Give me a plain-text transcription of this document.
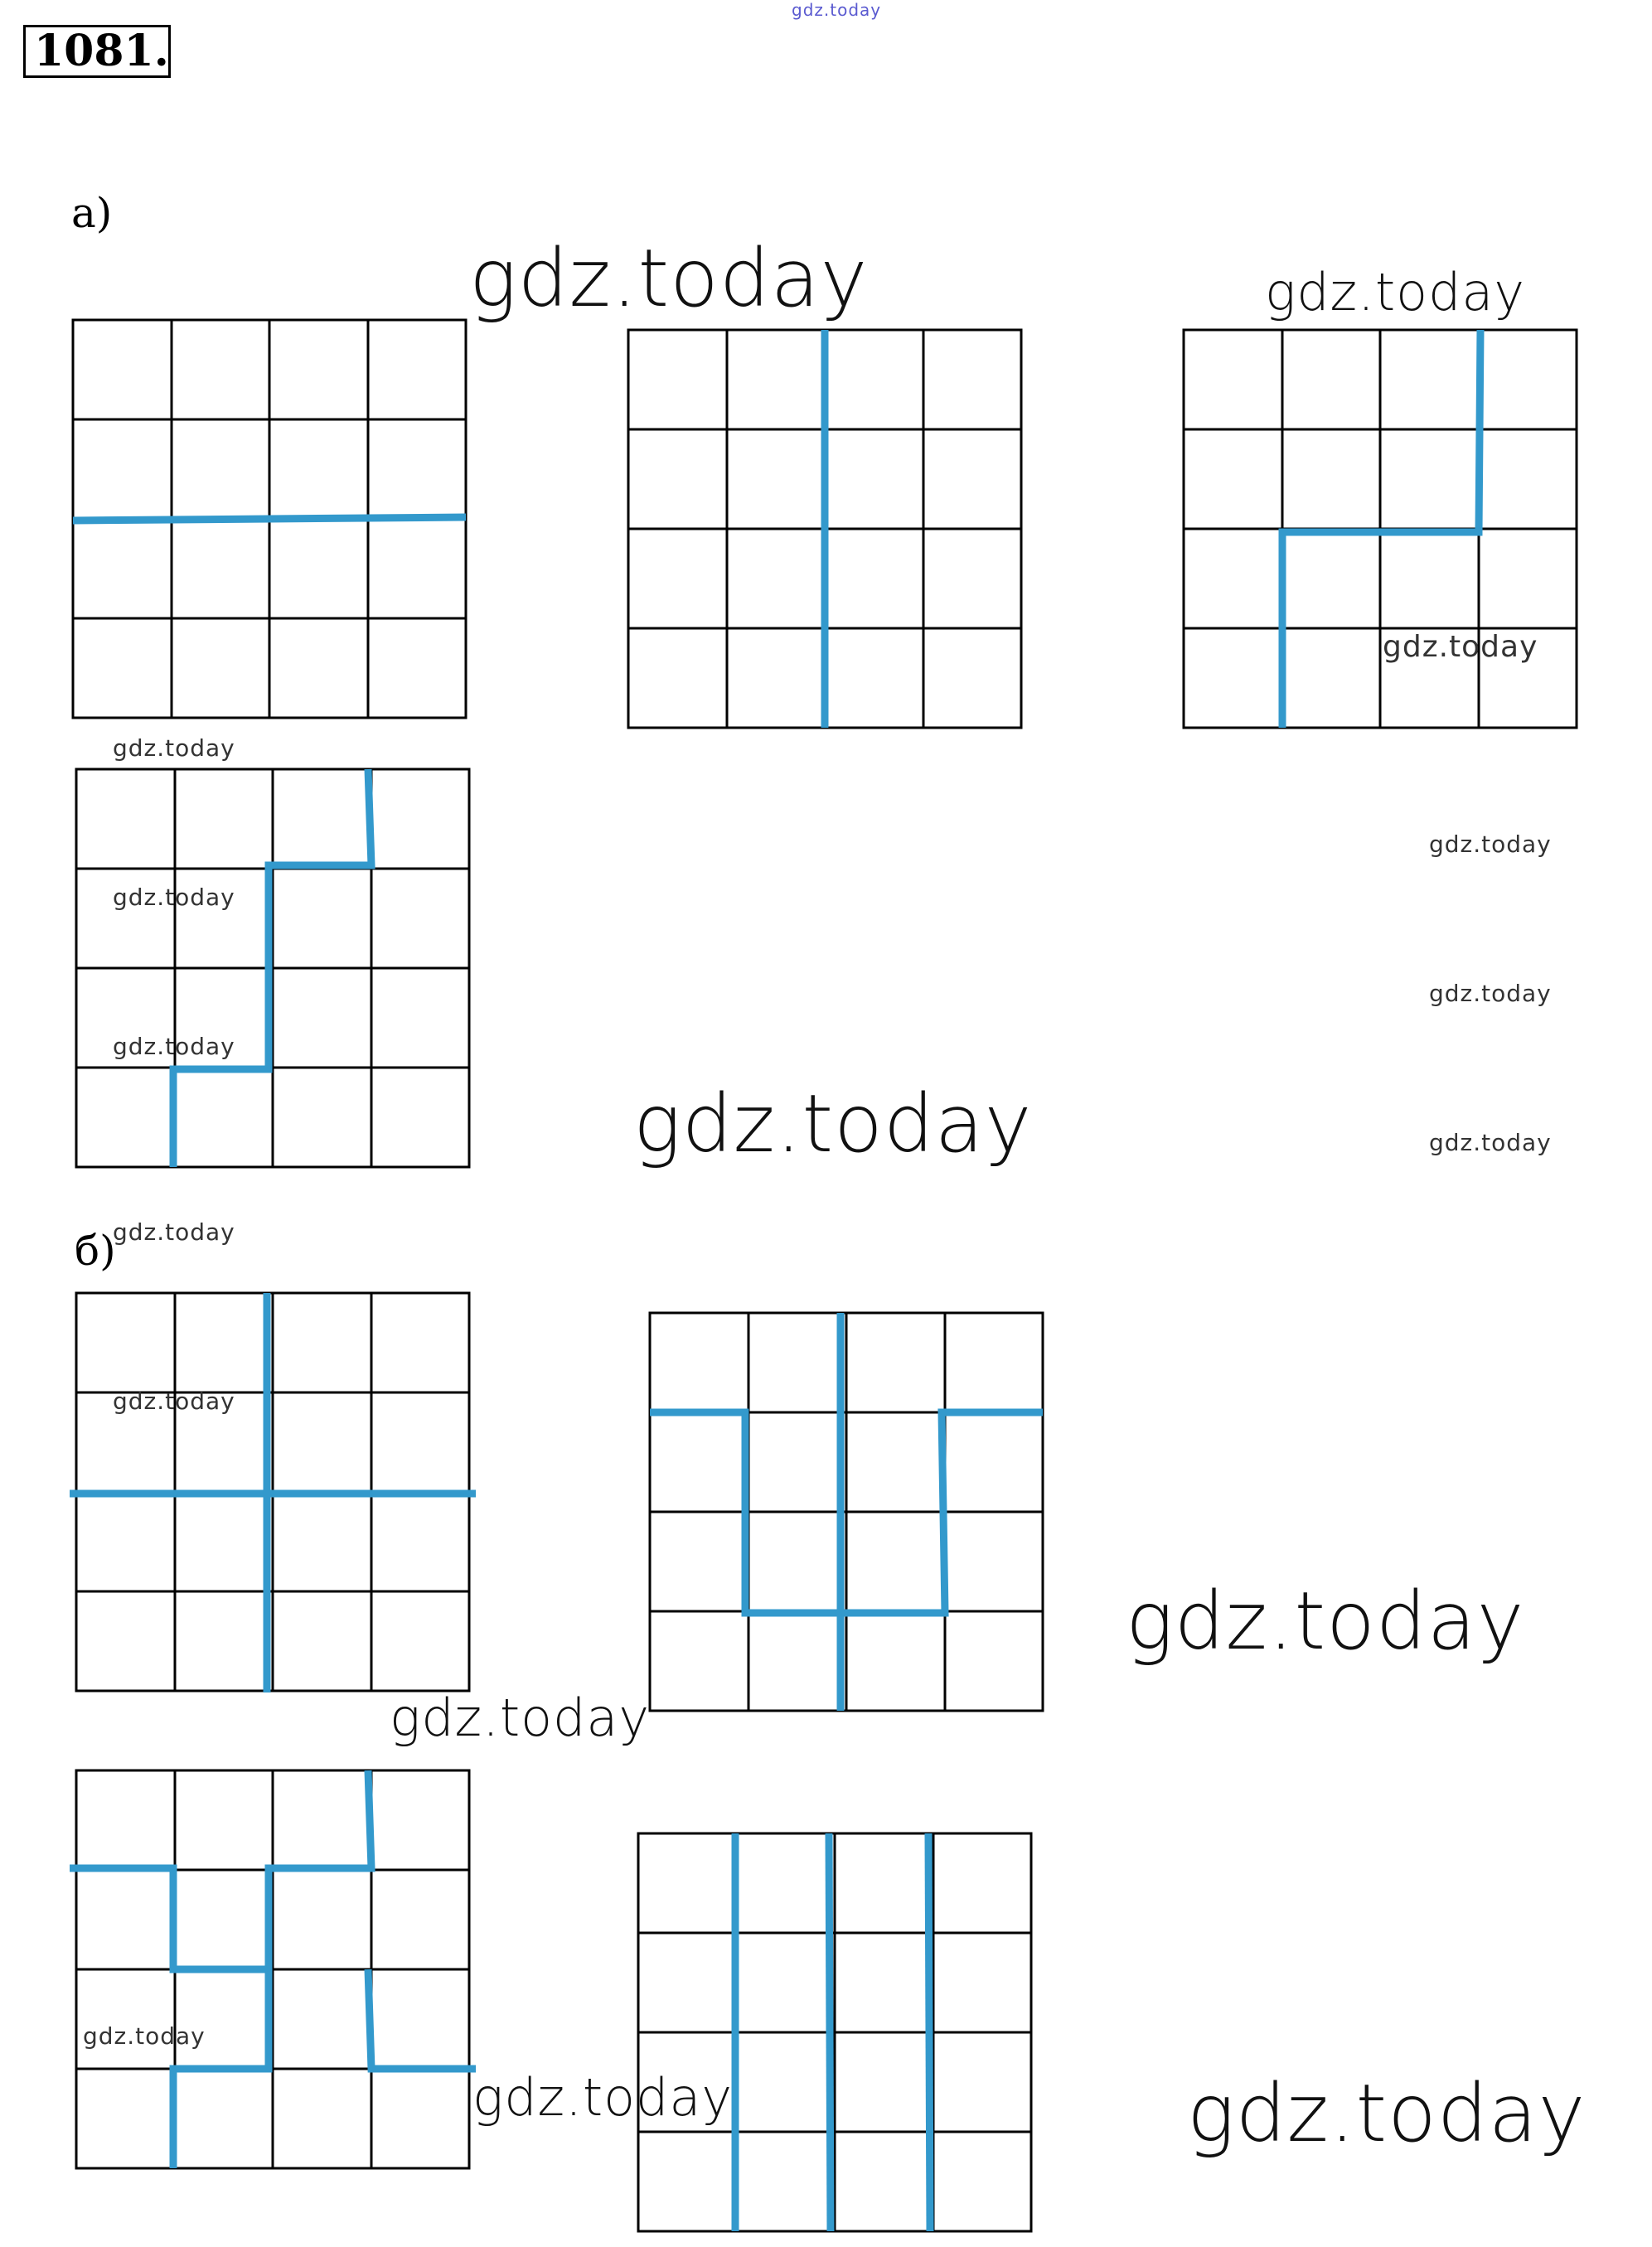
1081.
gdz.today
а)
б)
gdz.today	gdz.today
gdz.today
gdz.today
gdz.today
gdz.today
gdz.today
gdz.today
gdz.today
gdz.today
gdz.today
gdz.today
gdz.today
gdz.today
gdz.today
gdz.today	gdz.today
